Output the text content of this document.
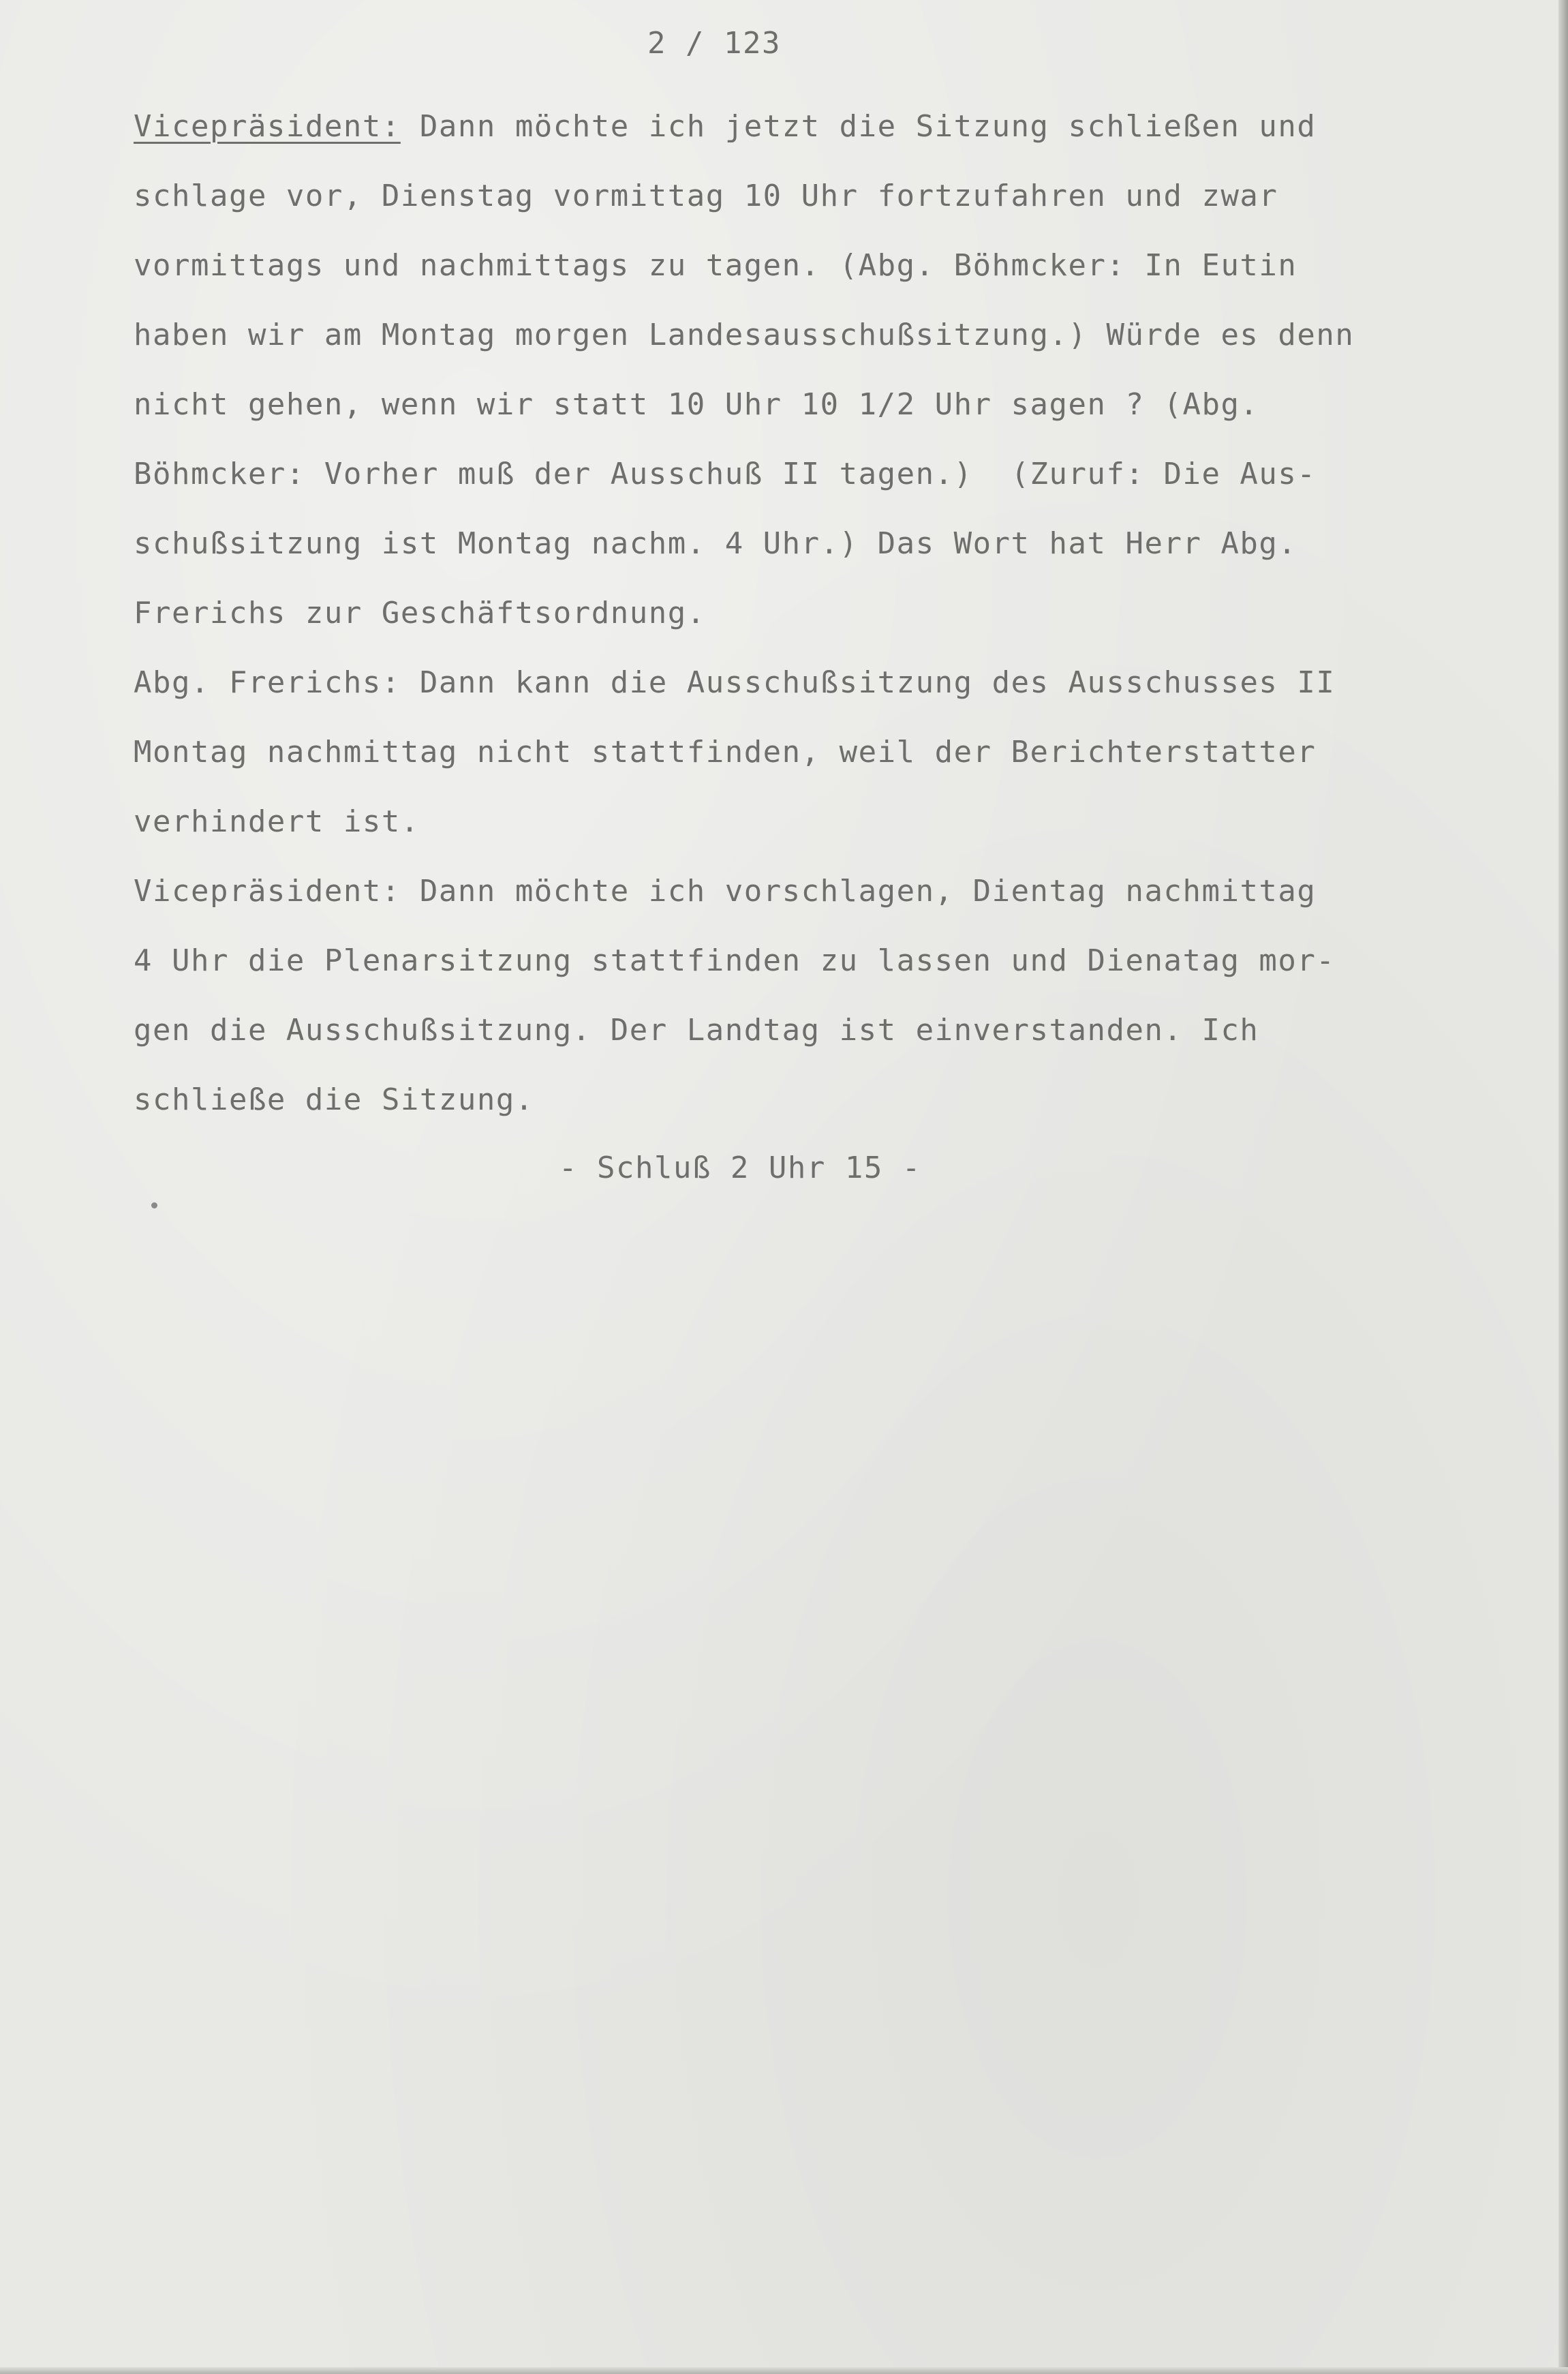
2 / 123
Vicepräsident: Dann möchte ich jetzt die Sitzung schließen und
schlage vor, Dienstag vormittag 10 Uhr fortzufahren und zwar
vormittags und nachmittags zu tagen. (Abg. Böhmcker: In Eutin
haben wir am Montag morgen Landesausschußsitzung.) Würde es denn
nicht gehen, wenn wir statt 10 Uhr 10 1/2 Uhr sagen ? (Abg.
Böhmcker: Vorher muß der Ausschuß II tagen.)  (Zuruf: Die Aus-
schußsitzung ist Montag nachm. 4 Uhr.) Das Wort hat Herr Abg.
Frerichs zur Geschäftsordnung.
Abg. Frerichs: Dann kann die Ausschußsitzung des Ausschusses II
Montag nachmittag nicht stattfinden, weil der Berichterstatter
verhindert ist.
Vicepräsident: Dann möchte ich vorschlagen, Dientag nachmittag
4 Uhr die Plenarsitzung stattfinden zu lassen und Dienatag mor-
gen die Ausschußsitzung. Der Landtag ist einverstanden. Ich
schließe die Sitzung.
- Schluß 2 Uhr 15 -
